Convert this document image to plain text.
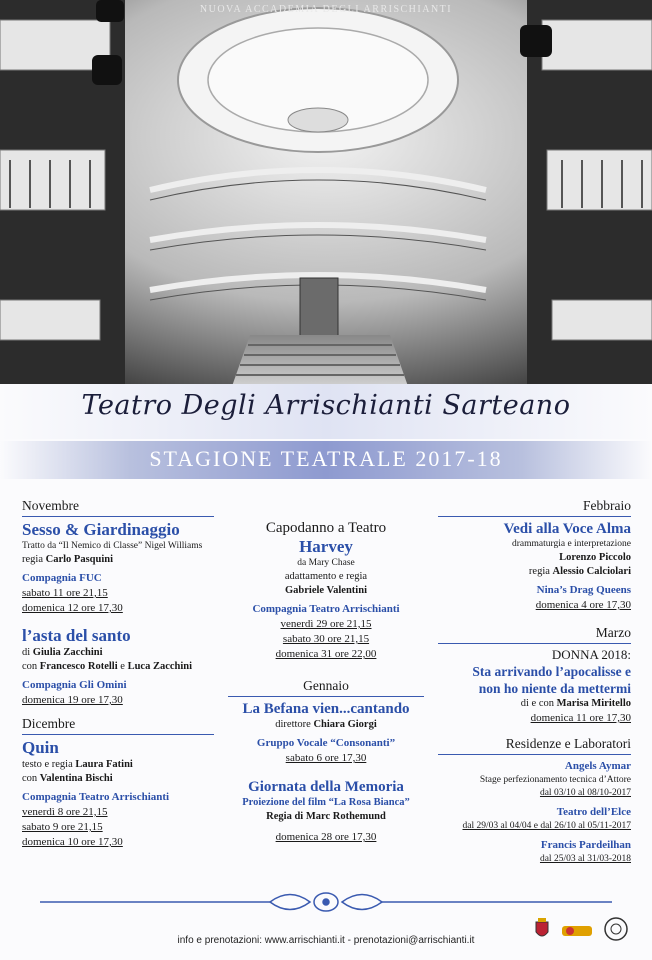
NUOVA ACCADEMIA DEGLI ARRISCHIANTI
Teatro Degli Arrischianti Sarteano
STAGIONE TEATRALE 2017-18
Novembre
Sesso & Giardinaggio
Tratto da “Il Nemico di Classe” Nigel Williams
regia Carlo Pasquini
Compagnia FUC
sabato 11 ore 21,15
domenica 12 ore 17,30
l’asta del santo
di Giulia Zacchini
con Francesco Rotelli e Luca Zacchini
Compagnia Gli Omini
domenica 19 ore 17,30
Dicembre
Quin
testo e regia Laura Fatini
con Valentina Bischi
Compagnia Teatro Arrischianti
venerdì 8 ore 21,15
sabato 9 ore 21,15
domenica 10 ore 17,30
Capodanno a Teatro
Harvey
da Mary Chase
adattamento e regia
Gabriele Valentini
Compagnia Teatro Arrischianti
venerdì 29 ore 21,15
sabato 30 ore 21,15
domenica 31 ore 22,00
Gennaio
La Befana vien...cantando
direttore Chiara Giorgi
Gruppo Vocale “Consonanti”
sabato 6 ore 17,30
Giornata della Memoria
Proiezione del film “La Rosa Bianca”
Regia di Marc Rothemund
domenica 28 ore 17,30
Febbraio
Vedi alla Voce Alma
drammaturgia e interpretazione
Lorenzo Piccolo
regia Alessio Calciolari
Nina’s Drag Queens
domenica 4 ore 17,30
Marzo
DONNA 2018:
Sta arrivando l’apocalisse e
non ho niente da mettermi
di e con Marisa Miritello
domenica 11 ore 17,30
Residenze e Laboratori
Angels Aymar
Stage perfezionamento tecnica d’Attore
dal 03/10 al 08/10-2017
Teatro dell’Elce
dal 29/03 al 04/04 e dal 26/10 al 05/11-2017
Francis Pardeilhan
dal 25/03 al 31/03-2018
info e prenotazioni: www.arrischianti.it - prenotazioni@arrischianti.it
